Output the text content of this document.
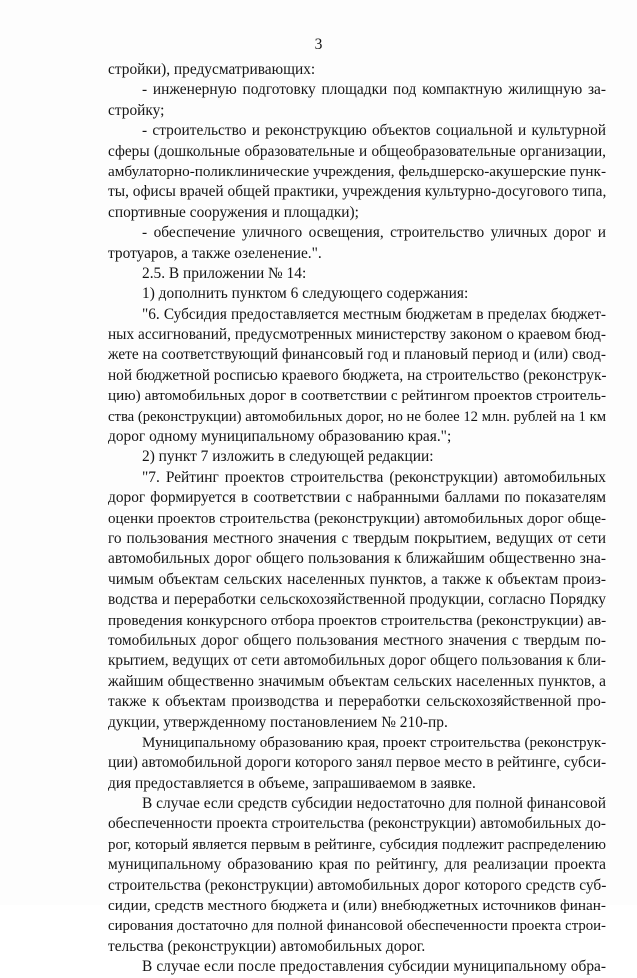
3
стройки), предусматривающих:
- инженерную подготовку площадки под компактную жилищную за-
стройку;
- строительство и реконструкцию объектов социальной и культурной
сферы (дошкольные образовательные и общеобразовательные организации,
амбулаторно-поликлинические учреждения, фельдшерско-акушерские пунк-
ты, офисы врачей общей практики, учреждения культурно-досугового типа,
спортивные сооружения и площадки);
- обеспечение уличного освещения, строительство уличных дорог и
тротуаров, а также озеленение.".
2.5. В приложении № 14:
1) дополнить пунктом 6 следующего содержания:
"6. Субсидия предоставляется местным бюджетам в пределах бюджет-
ных ассигнований, предусмотренных министерству законом о краевом бюд-
жете на соответствующий финансовый год и плановый период и (или) свод-
ной бюджетной росписью краевого бюджета, на строительство (реконструк-
цию) автомобильных дорог в соответствии с рейтингом проектов строитель-
ства (реконструкции) автомобильных дорог, но не более 12 млн. рублей на 1 км
дорог одному муниципальному образованию края.";
2) пункт 7 изложить в следующей редакции:
"7. Рейтинг проектов строительства (реконструкции) автомобильных
дорог формируется в соответствии с набранными баллами по показателям
оценки проектов строительства (реконструкции) автомобильных дорог обще-
го пользования местного значения с твердым покрытием, ведущих от сети
автомобильных дорог общего пользования к ближайшим общественно зна-
чимым объектам сельских населенных пунктов, а также к объектам произ-
водства и переработки сельскохозяйственной продукции, согласно Порядку
проведения конкурсного отбора проектов строительства (реконструкции) ав-
томобильных дорог общего пользования местного значения с твердым по-
крытием, ведущих от сети автомобильных дорог общего пользования к бли-
жайшим общественно значимым объектам сельских населенных пунктов, а
также к объектам производства и переработки сельскохозяйственной про-
дукции, утвержденному постановлением № 210-пр.
Муниципальному образованию края, проект строительства (реконструк-
ции) автомобильной дороги которого занял первое место в рейтинге, субси-
дия предоставляется в объеме, запрашиваемом в заявке.
В случае если средств субсидии недостаточно для полной финансовой
обеспеченности проекта строительства (реконструкции) автомобильных до-
рог, который является первым в рейтинге, субсидия подлежит распределению
муниципальному образованию края по рейтингу, для реализации проекта
строительства (реконструкции) автомобильных дорог которого средств суб-
сидии, средств местного бюджета и (или) внебюджетных источников финан-
сирования достаточно для полной финансовой обеспеченности проекта строи-
тельства (реконструкции) автомобильных дорог.
В случае если после предоставления субсидии муниципальному обра-
